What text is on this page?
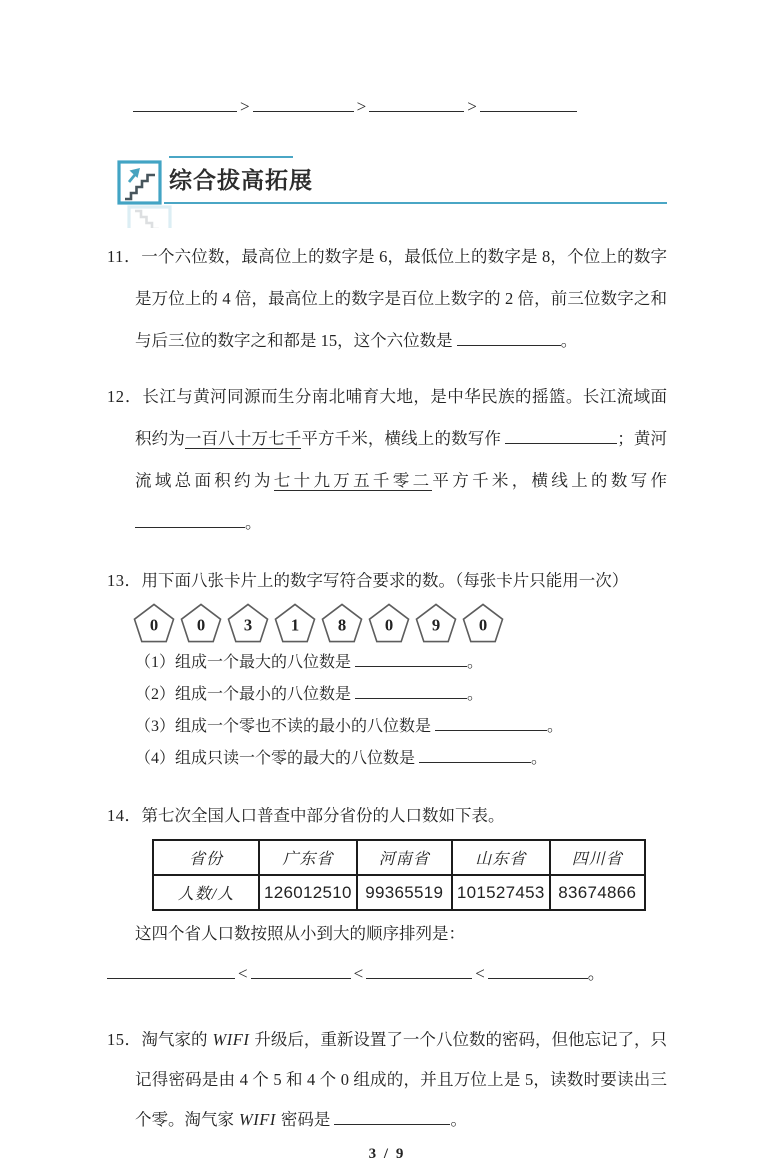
>	>	>
综合拔高拓展
11．一个六位数，最高位上的数字是 6，最低位上的数字是 8，个位上的数字是万位上的 4 倍，最高位上的数字是百位上数字的 2 倍，前三位数字之和与后三位的数字之和都是 15，这个六位数是	。
12．长江与黄河同源而生分南北哺育大地，是中华民族的摇篮。长江流域面积约为一百八十万七千平方千米，横线上的数写作	；黄河流域总面积约为七十九万五千零二平方千米，横线上的数写作 。
13．用下面八张卡片上的数字写符合要求的数。（每张卡片只能用一次）
0 0 3 1 8 0 9 0
（1）组成一个最大的八位数是	。
（2）组成一个最小的八位数是	。
（3）组成一个零也不读的最小的八位数是	。
（4）组成只读一个零的最大的八位数是	。
14．第七次全国人口普查中部分省份的人口数如下表。
省份	广东省	河南省	山东省	四川省
人数/人	126012510	99365519	101527453	83674866
这四个省人口数按照从小到大的顺序排列是：
<	<	<	。
15．淘气家的 WIFI 升级后，重新设置了一个八位数的密码，但他忘记了，只记得密码是由 4 个 5 和 4 个 0 组成的，并且万位上是 5，读数时要读出三个零。淘气家 WIFI 密码是	。
3 / 9
